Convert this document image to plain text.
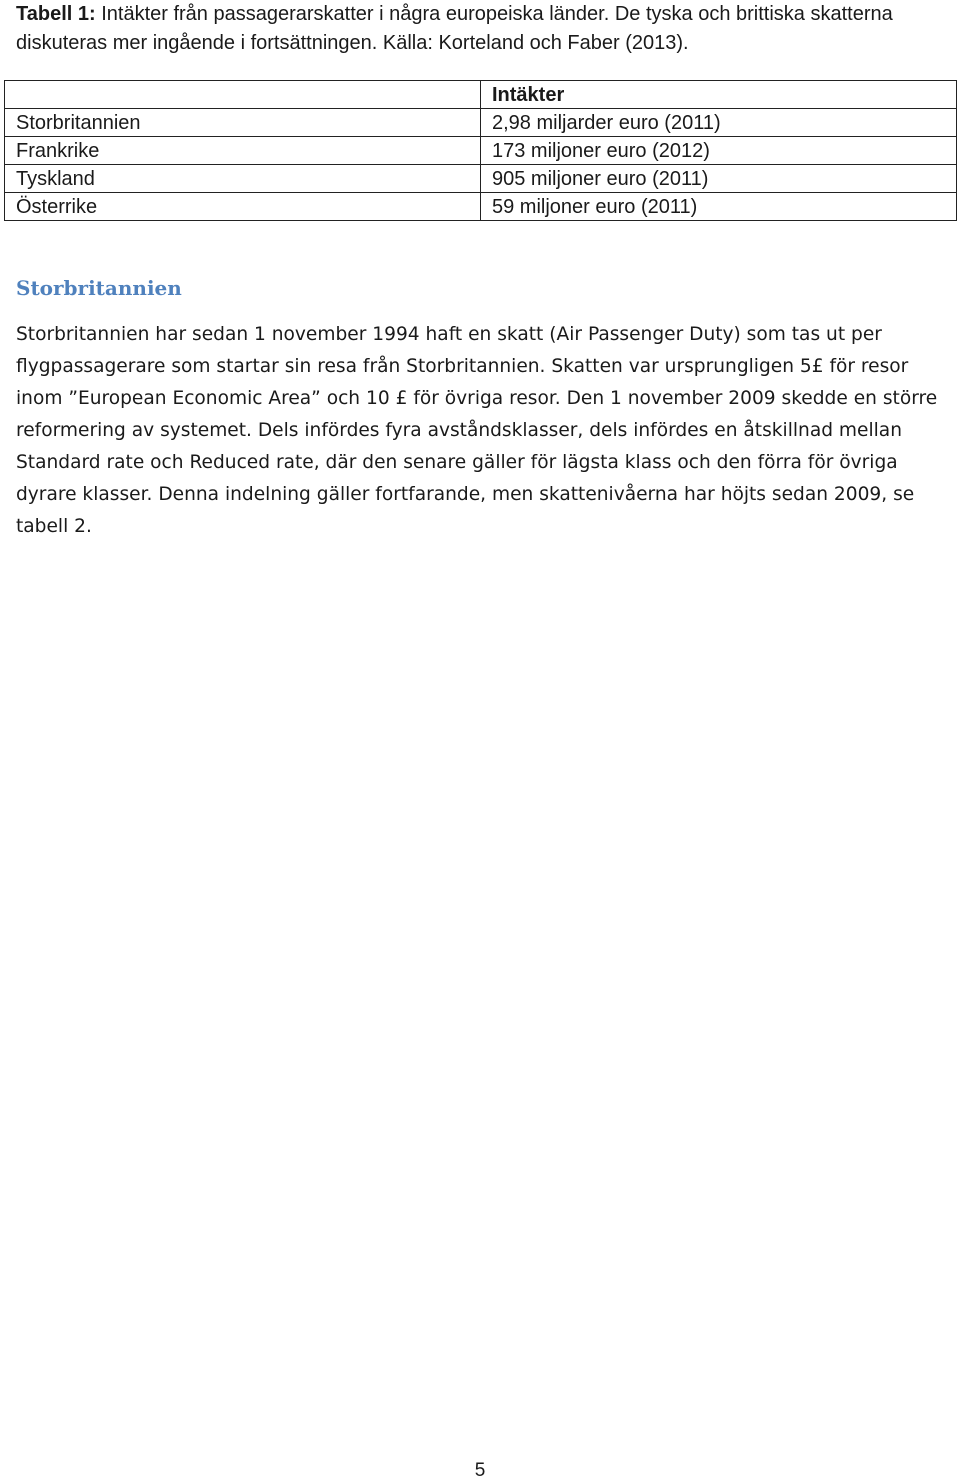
Tabell 1: Intäkter från passagerarskatter i några europeiska länder. De tyska och brittiska skatterna diskuteras mer ingående i fortsättningen. Källa: Korteland och Faber (2013).
	Intäkter
Storbritannien	2,98 miljarder euro (2011)
Frankrike	173 miljoner euro (2012)
Tyskland	905 miljoner euro (2011)
Österrike	59 miljoner euro (2011)
Storbritannien
Storbritannien har sedan 1 november 1994 haft en skatt (Air Passenger Duty) som tas ut per flygpassagerare som startar sin resa från Storbritannien. Skatten var ursprungligen 5£ för resor inom ”European Economic Area” och 10 £ för övriga resor. Den 1 november 2009 skedde en större reformering av systemet. Dels infördes fyra avståndsklasser, dels infördes en åtskillnad mellan Standard rate och Reduced rate, där den senare gäller för lägsta klass och den förra för övriga dyrare klasser. Denna indelning gäller fortfarande, men skattenivåerna har höjts sedan 2009, se tabell 2.
5
